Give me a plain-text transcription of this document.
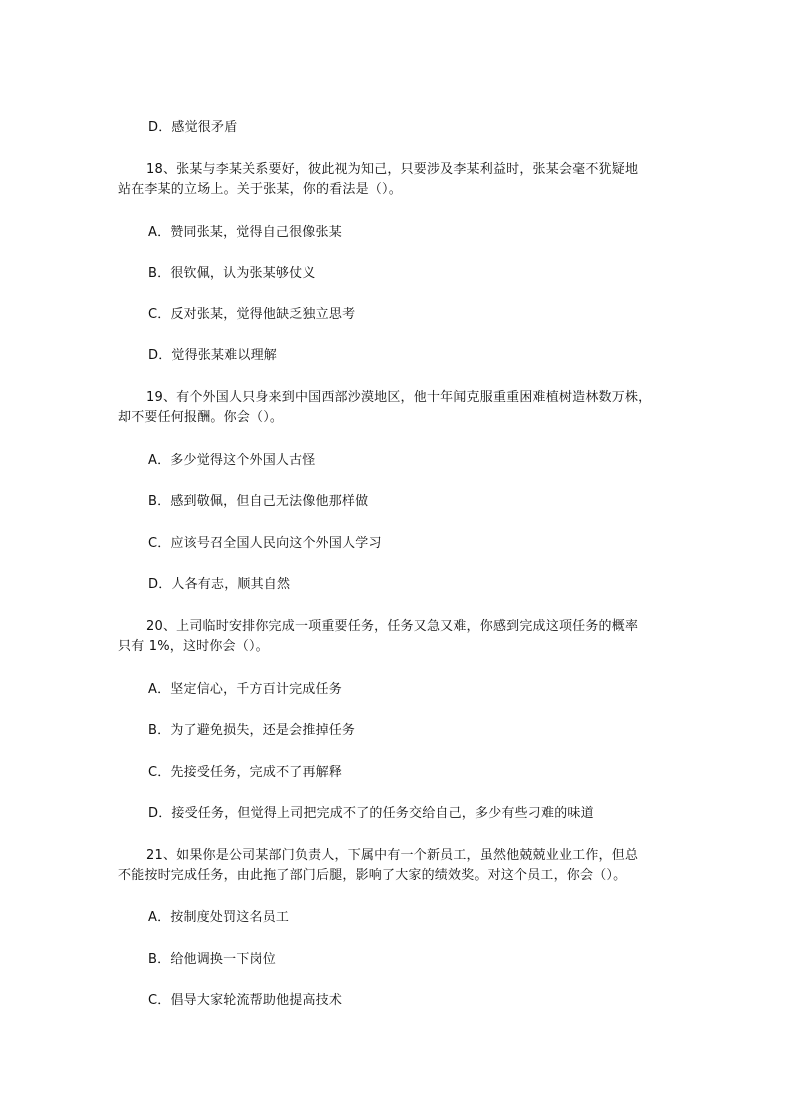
D．感觉很矛盾
18、张某与李某关系要好，彼此视为知己，只要涉及李某利益时，张某会毫不犹疑地
站在李某的立场上。关于张某，你的看法是（）。
A．赞同张某，觉得自己很像张某
B．很钦佩，认为张某够仗义
C．反对张某，觉得他缺乏独立思考
D．觉得张某难以理解
19、有个外国人只身来到中国西部沙漠地区，他十年闻克服重重困难植树造林数万株，
却不要任何报酬。你会（）。
A．多少觉得这个外国人古怪
B．感到敬佩，但自己无法像他那样做
C．应该号召全国人民向这个外国人学习
D．人各有志，顺其自然
20、上司临时安排你完成一项重要任务，任务又急又难，你感到完成这项任务的概率
只有 1%，这时你会（）。
A．坚定信心，千方百计完成任务
B．为了避免损失，还是会推掉任务
C．先接受任务，完成不了再解释
D．接受任务，但觉得上司把完成不了的任务交给自己，多少有些刁难的味道
21、如果你是公司某部门负责人，下属中有一个新员工，虽然他兢兢业业工作，但总
不能按时完成任务，由此拖了部门后腿，影响了大家的绩效奖。对这个员工，你会（）。
A．按制度处罚这名员工
B．给他调换一下岗位
C．倡导大家轮流帮助他提高技术
